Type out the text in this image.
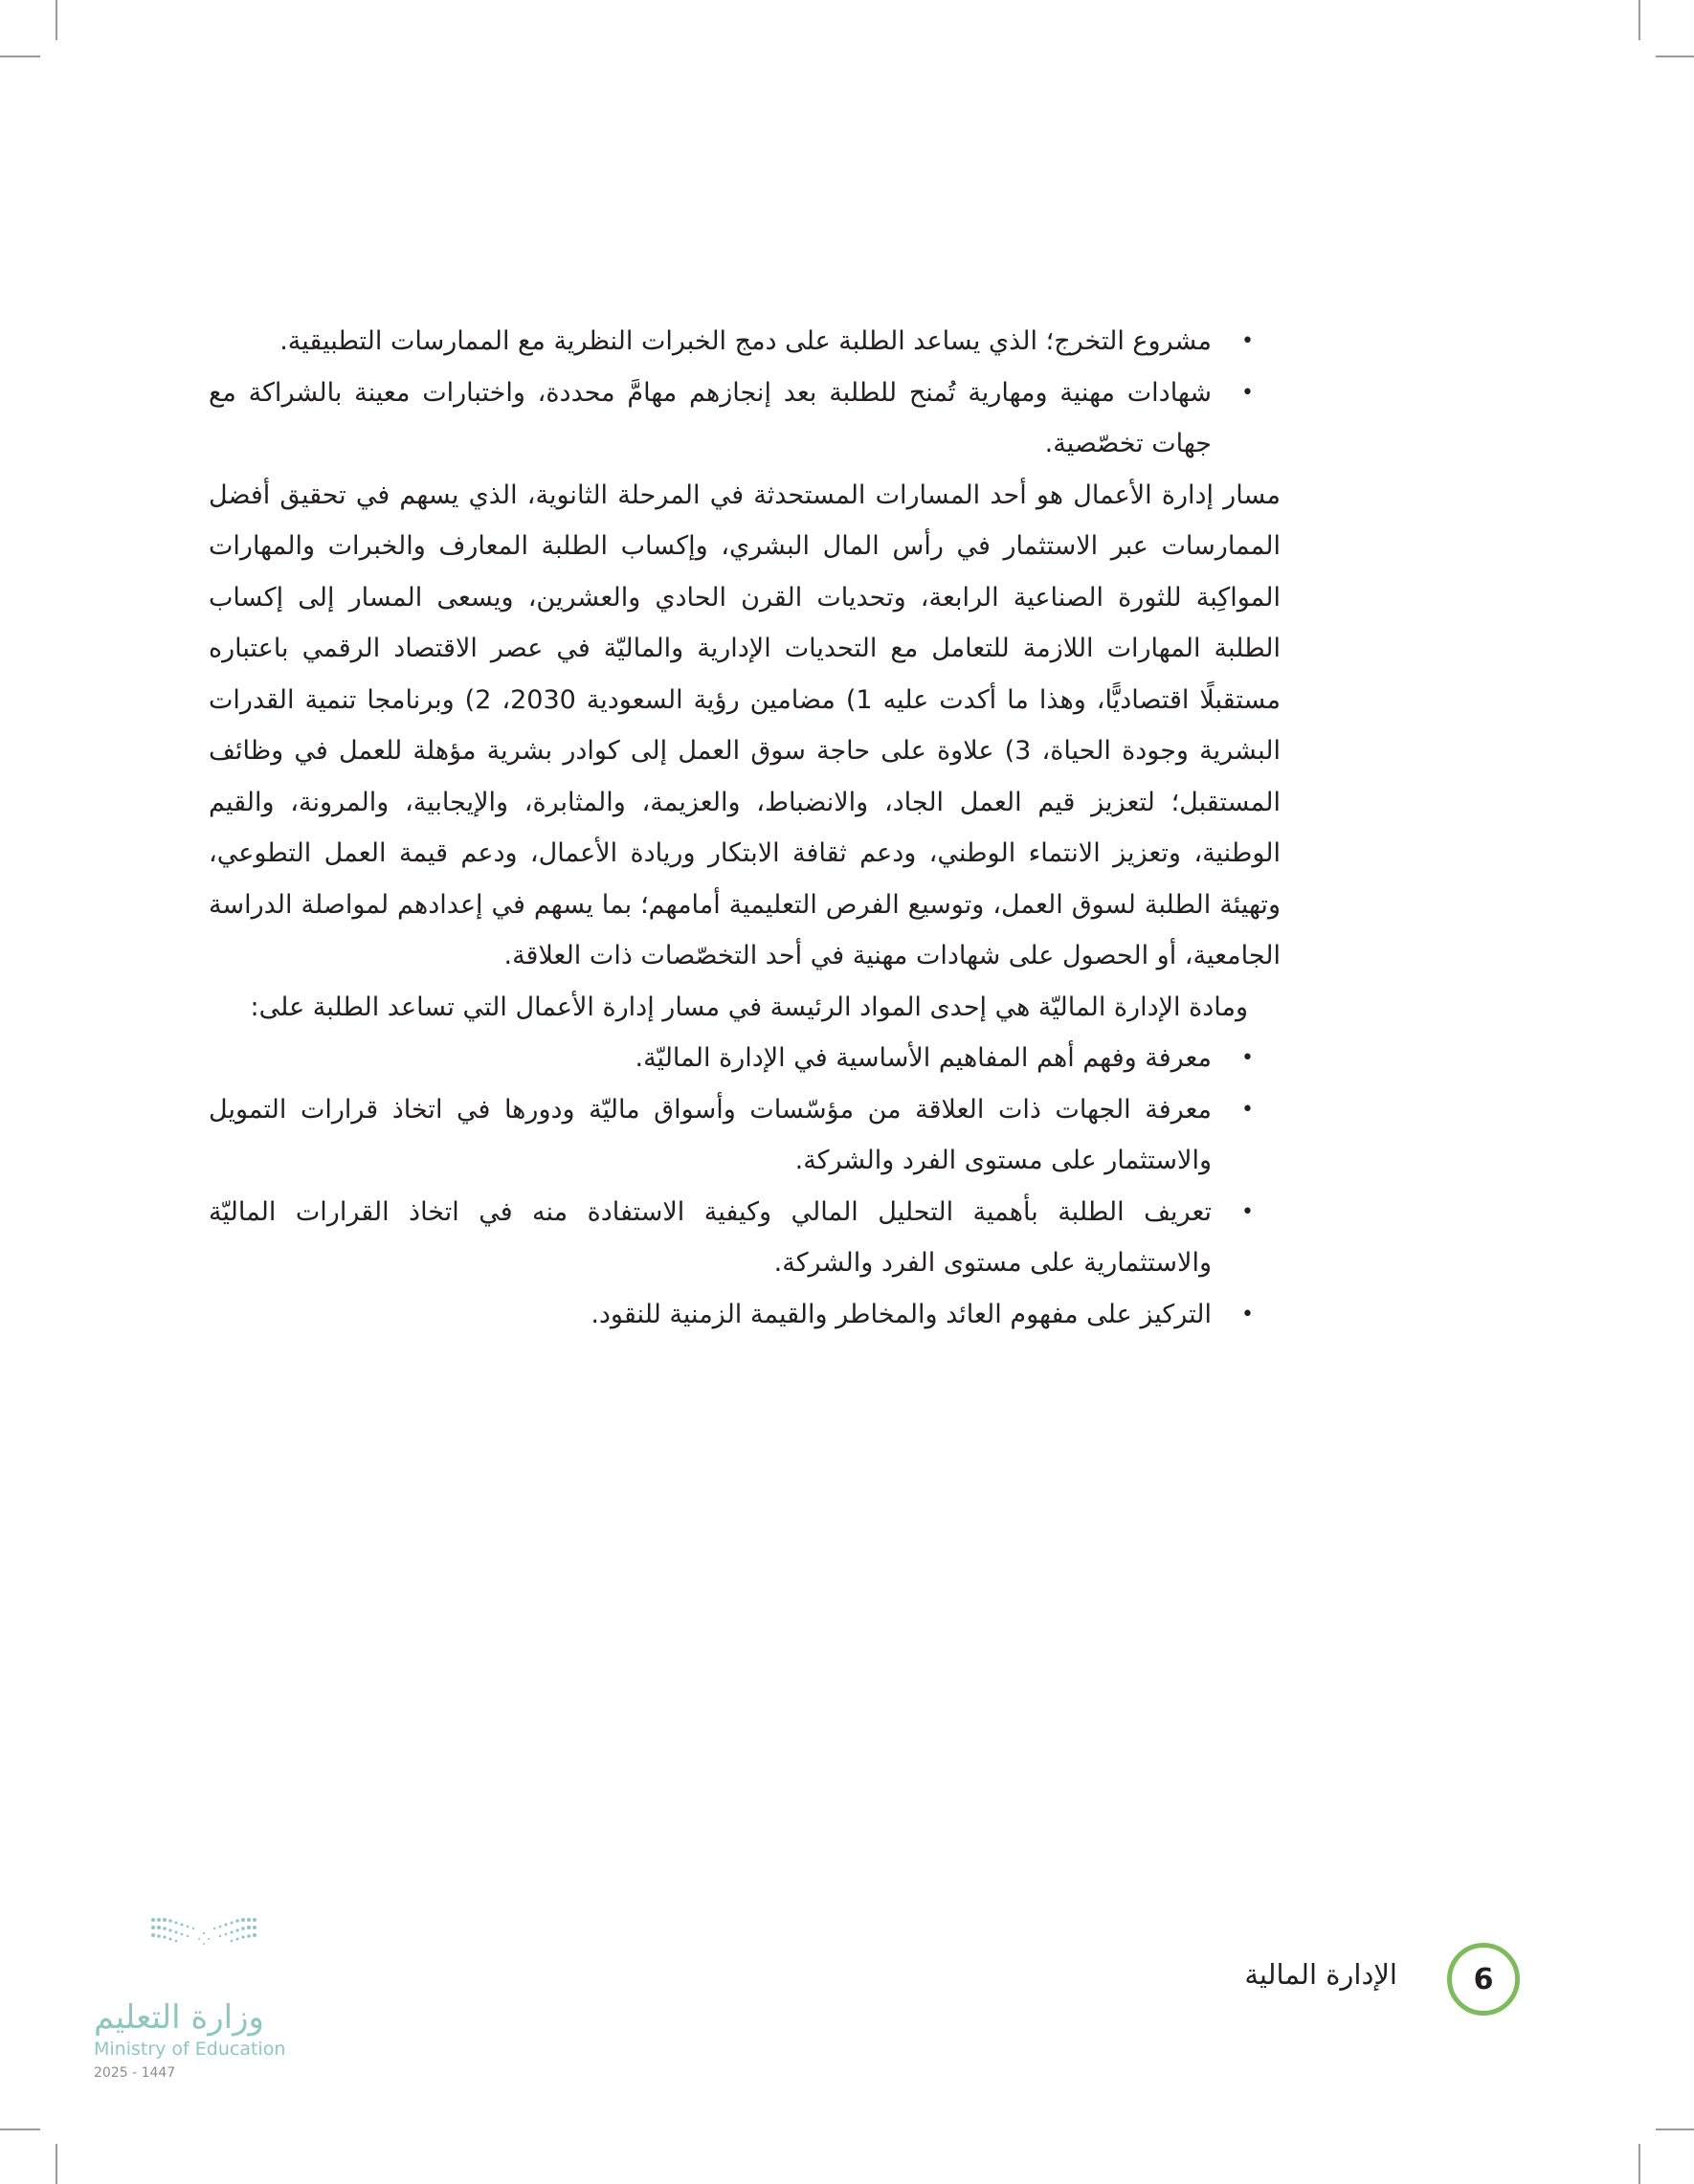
•
مشروع التخرج؛ الذي يساعد الطلبة على دمج الخبرات النظرية مع الممارسات التطبيقية.
•
شهادات مهنية ومهارية تُمنح للطلبة بعد إنجازهم مهامَّ محددة، واختبارات معينة بالشراكة مع جهات تخصّصية.

مسار إدارة الأعمال هو أحد المسارات المستحدثة في المرحلة الثانوية، الذي يسهم في تحقيق أفضل الممارسات عبر الاستثمار في رأس المال البشري، وإكساب الطلبة المعارف والخبرات والمهارات المواكِبة للثورة الصناعية الرابعة، وتحديات القرن الحادي والعشرين، ويسعى المسار إلى إكساب الطلبة المهارات اللازمة للتعامل مع التحديات الإدارية والماليّة في عصر الاقتصاد الرقمي باعتباره مستقبلًا اقتصاديًّا، وهذا ما أكدت عليه 1) مضامين رؤية السعودية 2030، 2) وبرنامجا تنمية القدرات البشرية وجودة الحياة، 3) علاوة على حاجة سوق العمل إلى كوادر بشرية مؤهلة للعمل في وظائف المستقبل؛ لتعزيز قيم العمل الجاد، والانضباط، والعزيمة، والمثابرة، والإيجابية، والمرونة، والقيم الوطنية، وتعزيز الانتماء الوطني، ودعم ثقافة الابتكار وريادة الأعمال، ودعم قيمة العمل التطوعي، وتهيئة الطلبة لسوق العمل، وتوسيع الفرص التعليمية أمامهم؛ بما يسهم في إعدادهم لمواصلة الدراسة الجامعية، أو الحصول على شهادات مهنية في أحد التخصّصات ذات العلاقة.

ومادة الإدارة الماليّة هي إحدى المواد الرئيسة في مسار إدارة الأعمال التي تساعد الطلبة على:

•
معرفة وفهم أهم المفاهيم الأساسية في الإدارة الماليّة.
•
معرفة الجهات ذات العلاقة من مؤسّسات وأسواق ماليّة ودورها في اتخاذ قرارات التمويل والاستثمار على مستوى الفرد والشركة.
•
تعريف الطلبة بأهمية التحليل المالي وكيفية الاستفادة منه في اتخاذ القرارات الماليّة والاستثمارية على مستوى الفرد والشركة.
•
التركيز على مفهوم العائد والمخاطر والقيمة الزمنية للنقود.
6
الإدارة المالية
وزارة التعليم
Ministry of Education
2025 - 1447
